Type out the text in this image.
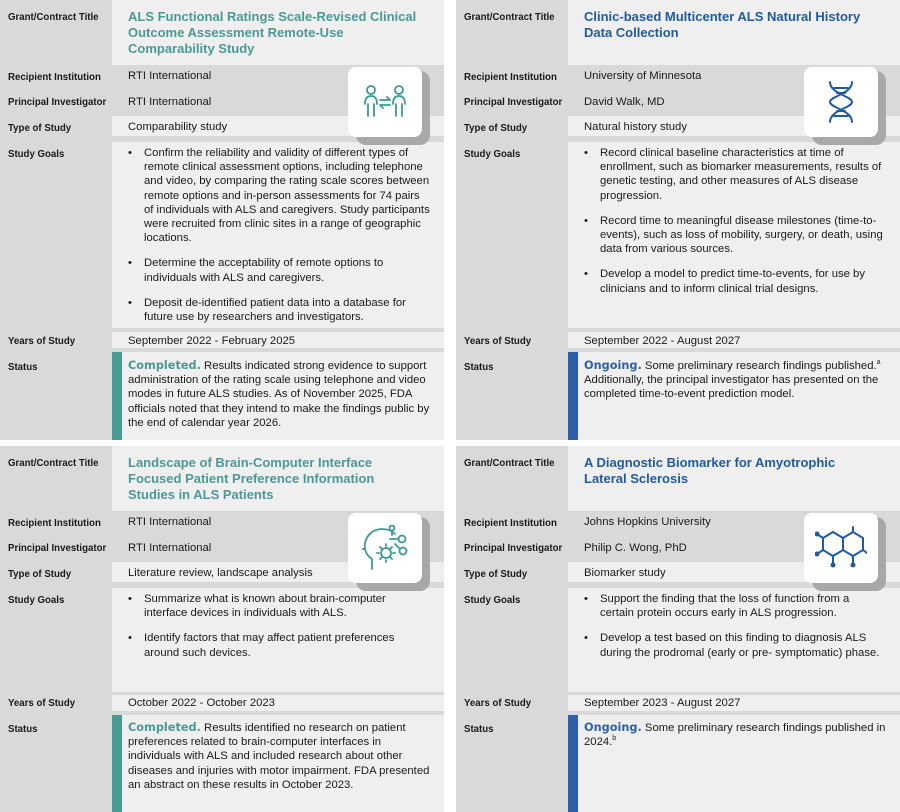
Grant/Contract Title ALS Functional Ratings Scale-Revised Clinical Outcome Assessment Remote-Use Comparability Study
Recipient Institution RTI International
Principal Investigator RTI International
Type of Study	Comparability study
Study Goals	• Confirm the reliability and validity of different types of remote clinical assessment options, including telephone and video, by comparing the rating scale scores between remote options and in-person assessments for 74 pairs of individuals with ALS and caregivers. Study participants were recruited from clinic sites in a range of geographic locations.
• Determine the acceptability of remote options to individuals with ALS and caregivers.
• Deposit de-identified patient data into a database for future use by researchers and investigators.
Years of Study	September 2022 - February 2025
Status	Completed. Results indicated strong evidence to support administration of the rating scale using telephone and video modes in future ALS studies. As of November 2025, FDA officials noted that they intend to make the findings public by the end of calendar year 2026.
Grant/Contract Title Clinic-based Multicenter ALS Natural History Data Collection
Recipient Institution University of Minnesota
Principal Investigator David Walk, MD
Type of Study	Natural history study
Study Goals	• Record clinical baseline characteristics at time of enrollment, such as biomarker measurements, results of genetic testing, and other measures of ALS disease progression.
• Record time to meaningful disease milestones (time-to-events), such as loss of mobility, surgery, or death, using data from various sources.
• Develop a model to predict time-to-events, for use by clinicians and to inform clinical trial designs.
Years of Study	September 2022 - August 2027
Status	Ongoing. Some preliminary research findings published.$^a$ Additionally, the principal investigator has presented on the completed time-to-event prediction model.
Grant/Contract Title Landscape of Brain-Computer Interface Focused Patient Preference Information Studies in ALS Patients
Recipient Institution RTI International
Principal Investigator RTI International
Type of Study	Literature review, landscape analysis
Study Goals	• Summarize what is known about brain-computer interface devices in individuals with ALS.
• Identify factors that may affect patient preferences around such devices.
Years of Study	October 2022 - October 2023
Status	Completed. Results identified no research on patient preferences related to brain-computer interfaces in individuals with ALS and included research about other diseases and injuries with motor impairment. FDA presented an abstract on these results in October 2023.
Grant/Contract Title A Diagnostic Biomarker for Amyotrophic Lateral Sclerosis
Recipient Institution Johns Hopkins University
Principal Investigator Philip C. Wong, PhD
Type of Study	Biomarker study
Study Goals	• Support the finding that the loss of function from a certain protein occurs early in ALS progression.
• Develop a test based on this finding to diagnosis ALS during the prodromal (early or pre- symptomatic) phase.
Years of Study	September 2023 - August 2027
Status	Ongoing. Some preliminary research findings published in 2024.$^b$
